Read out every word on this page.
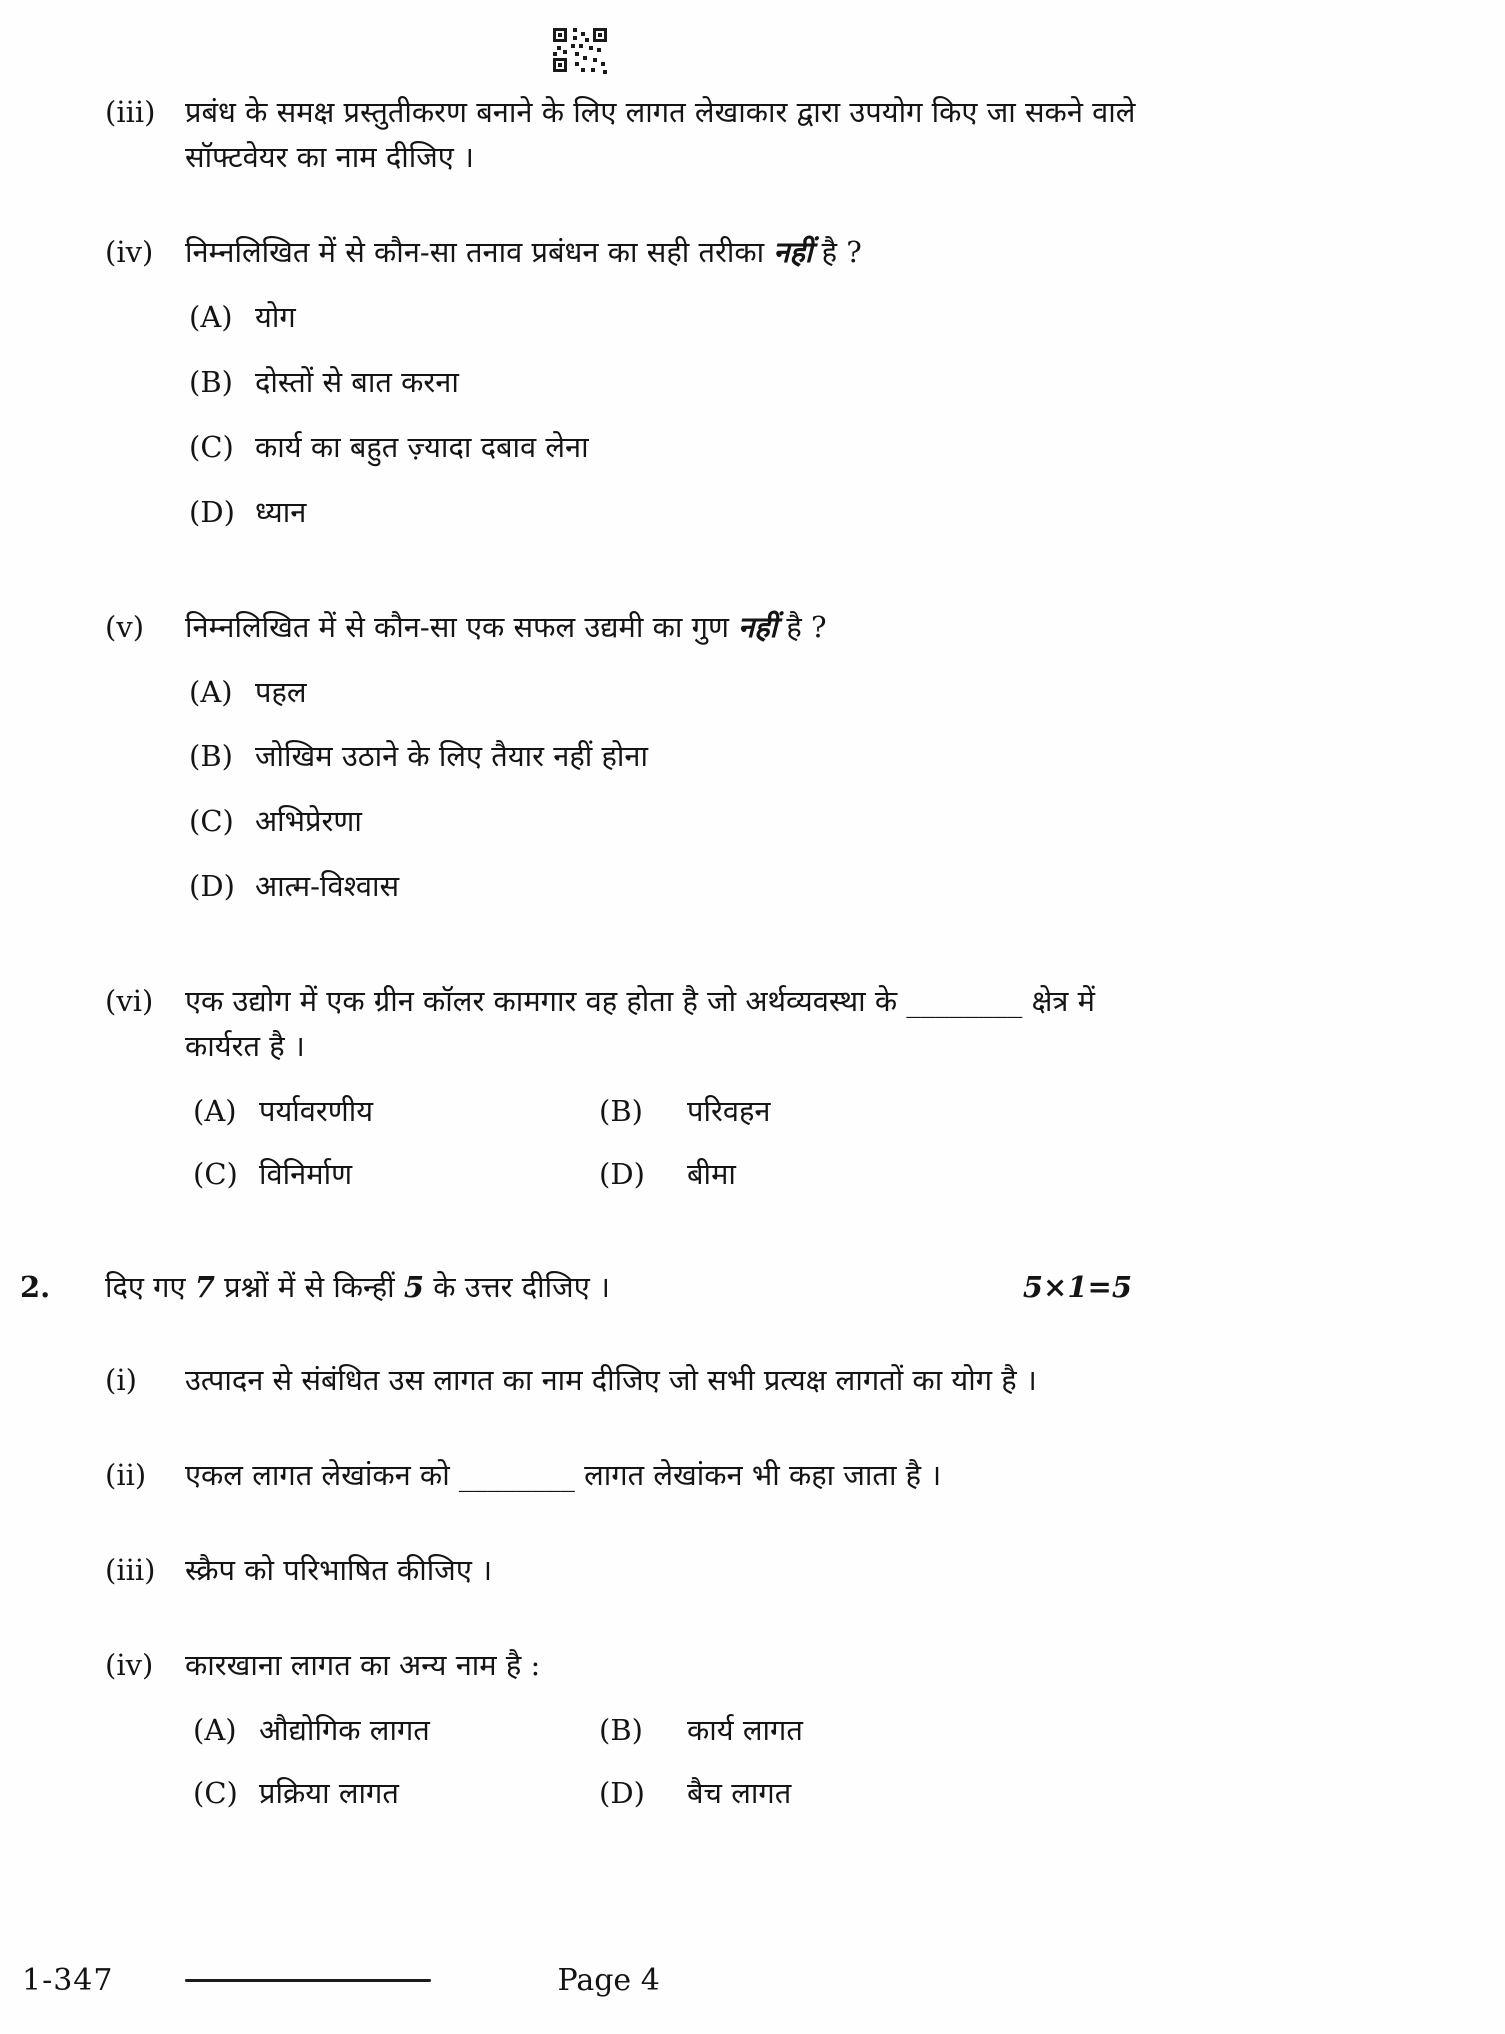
(iii)	प्रबंध के समक्ष प्रस्तुतीकरण बनाने के लिए लागत लेखाकार द्वारा उपयोग किए जा सकने वाले सॉफ्टवेयर का नाम दीजिए ।

(iv)	निम्नलिखित में से कौन-सा तनाव प्रबंधन का सही तरीका नहीं है ?

(A) योग
(B) दोस्तों से बात करना
(C) कार्य का बहुत ज़्यादा दबाव लेना
(D) ध्यान
(v)	निम्नलिखित में से कौन-सा एक सफल उद्यमी का गुण नहीं है ?

(A) पहल
(B) जोखिम उठाने के लिए तैयार नहीं होना
(C) अभिप्रेरणा
(D) आत्म-विश्वास
(vi)	एक उद्योग में एक ग्रीन कॉलर कामगार वह होता है जो अर्थव्यवस्था के ________ क्षेत्र में कार्यरत है ।

(A) पर्यावरणीय	(B)	परिवहन
(C) विनिर्माण	(D)	बीमा
2.	दिए गए 7 प्रश्नों में से किन्हीं 5 के उत्तर दीजिए ।	5×1=5
(i)	उत्पादन से संबंधित उस लागत का नाम दीजिए जो सभी प्रत्यक्ष लागतों का योग है ।

(ii)	एकल लागत लेखांकन को ________ लागत लेखांकन भी कहा जाता है ।

(iii)	स्क्रैप को परिभाषित कीजिए ।

(iv)	कारखाना लागत का अन्य नाम है :

(A) औद्योगिक लागत	(B)	कार्य लागत
(C) प्रक्रिया लागत	(D)	बैच लागत
1-347	Page 4
